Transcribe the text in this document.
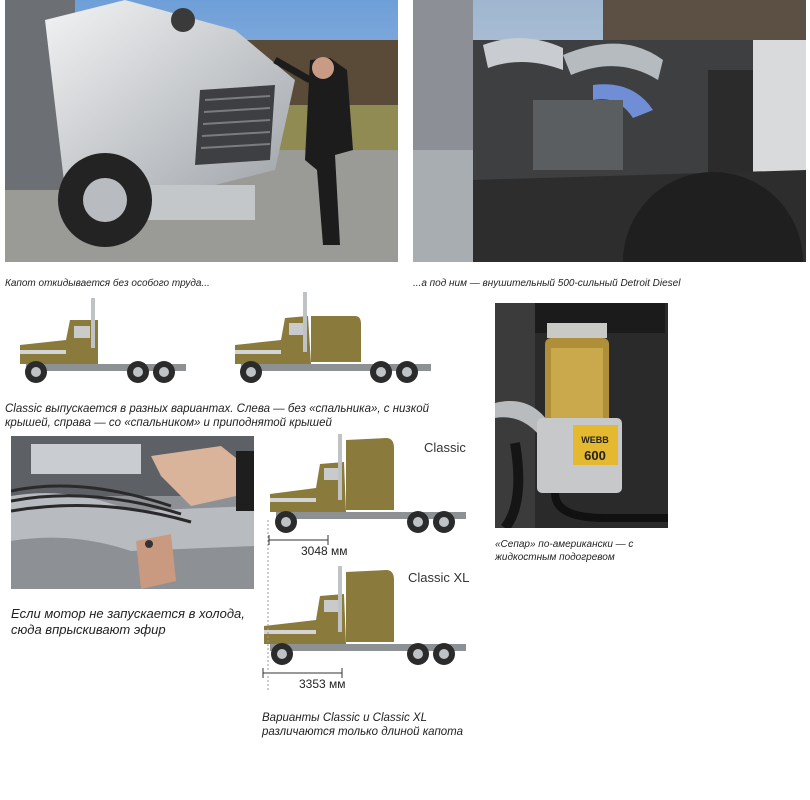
Капот откидывается без особого труда...	...а под ним — внушительный 500-сильный Detroit Diesel
Classic выпускается в разных вариантах. Слева — без «спальника», с низкой
крышей, справа — со «спальником» и приподнятой крышей
WEBB
600
«Сепар» по-американски — с
жидкостным подогревом
Если мотор не запускается в холода,
сюда впрыскивают эфир
Classic
3048 мм
Classic XL
3353 мм
Варианты Classic и Classic XL
различаются только длиной капота
